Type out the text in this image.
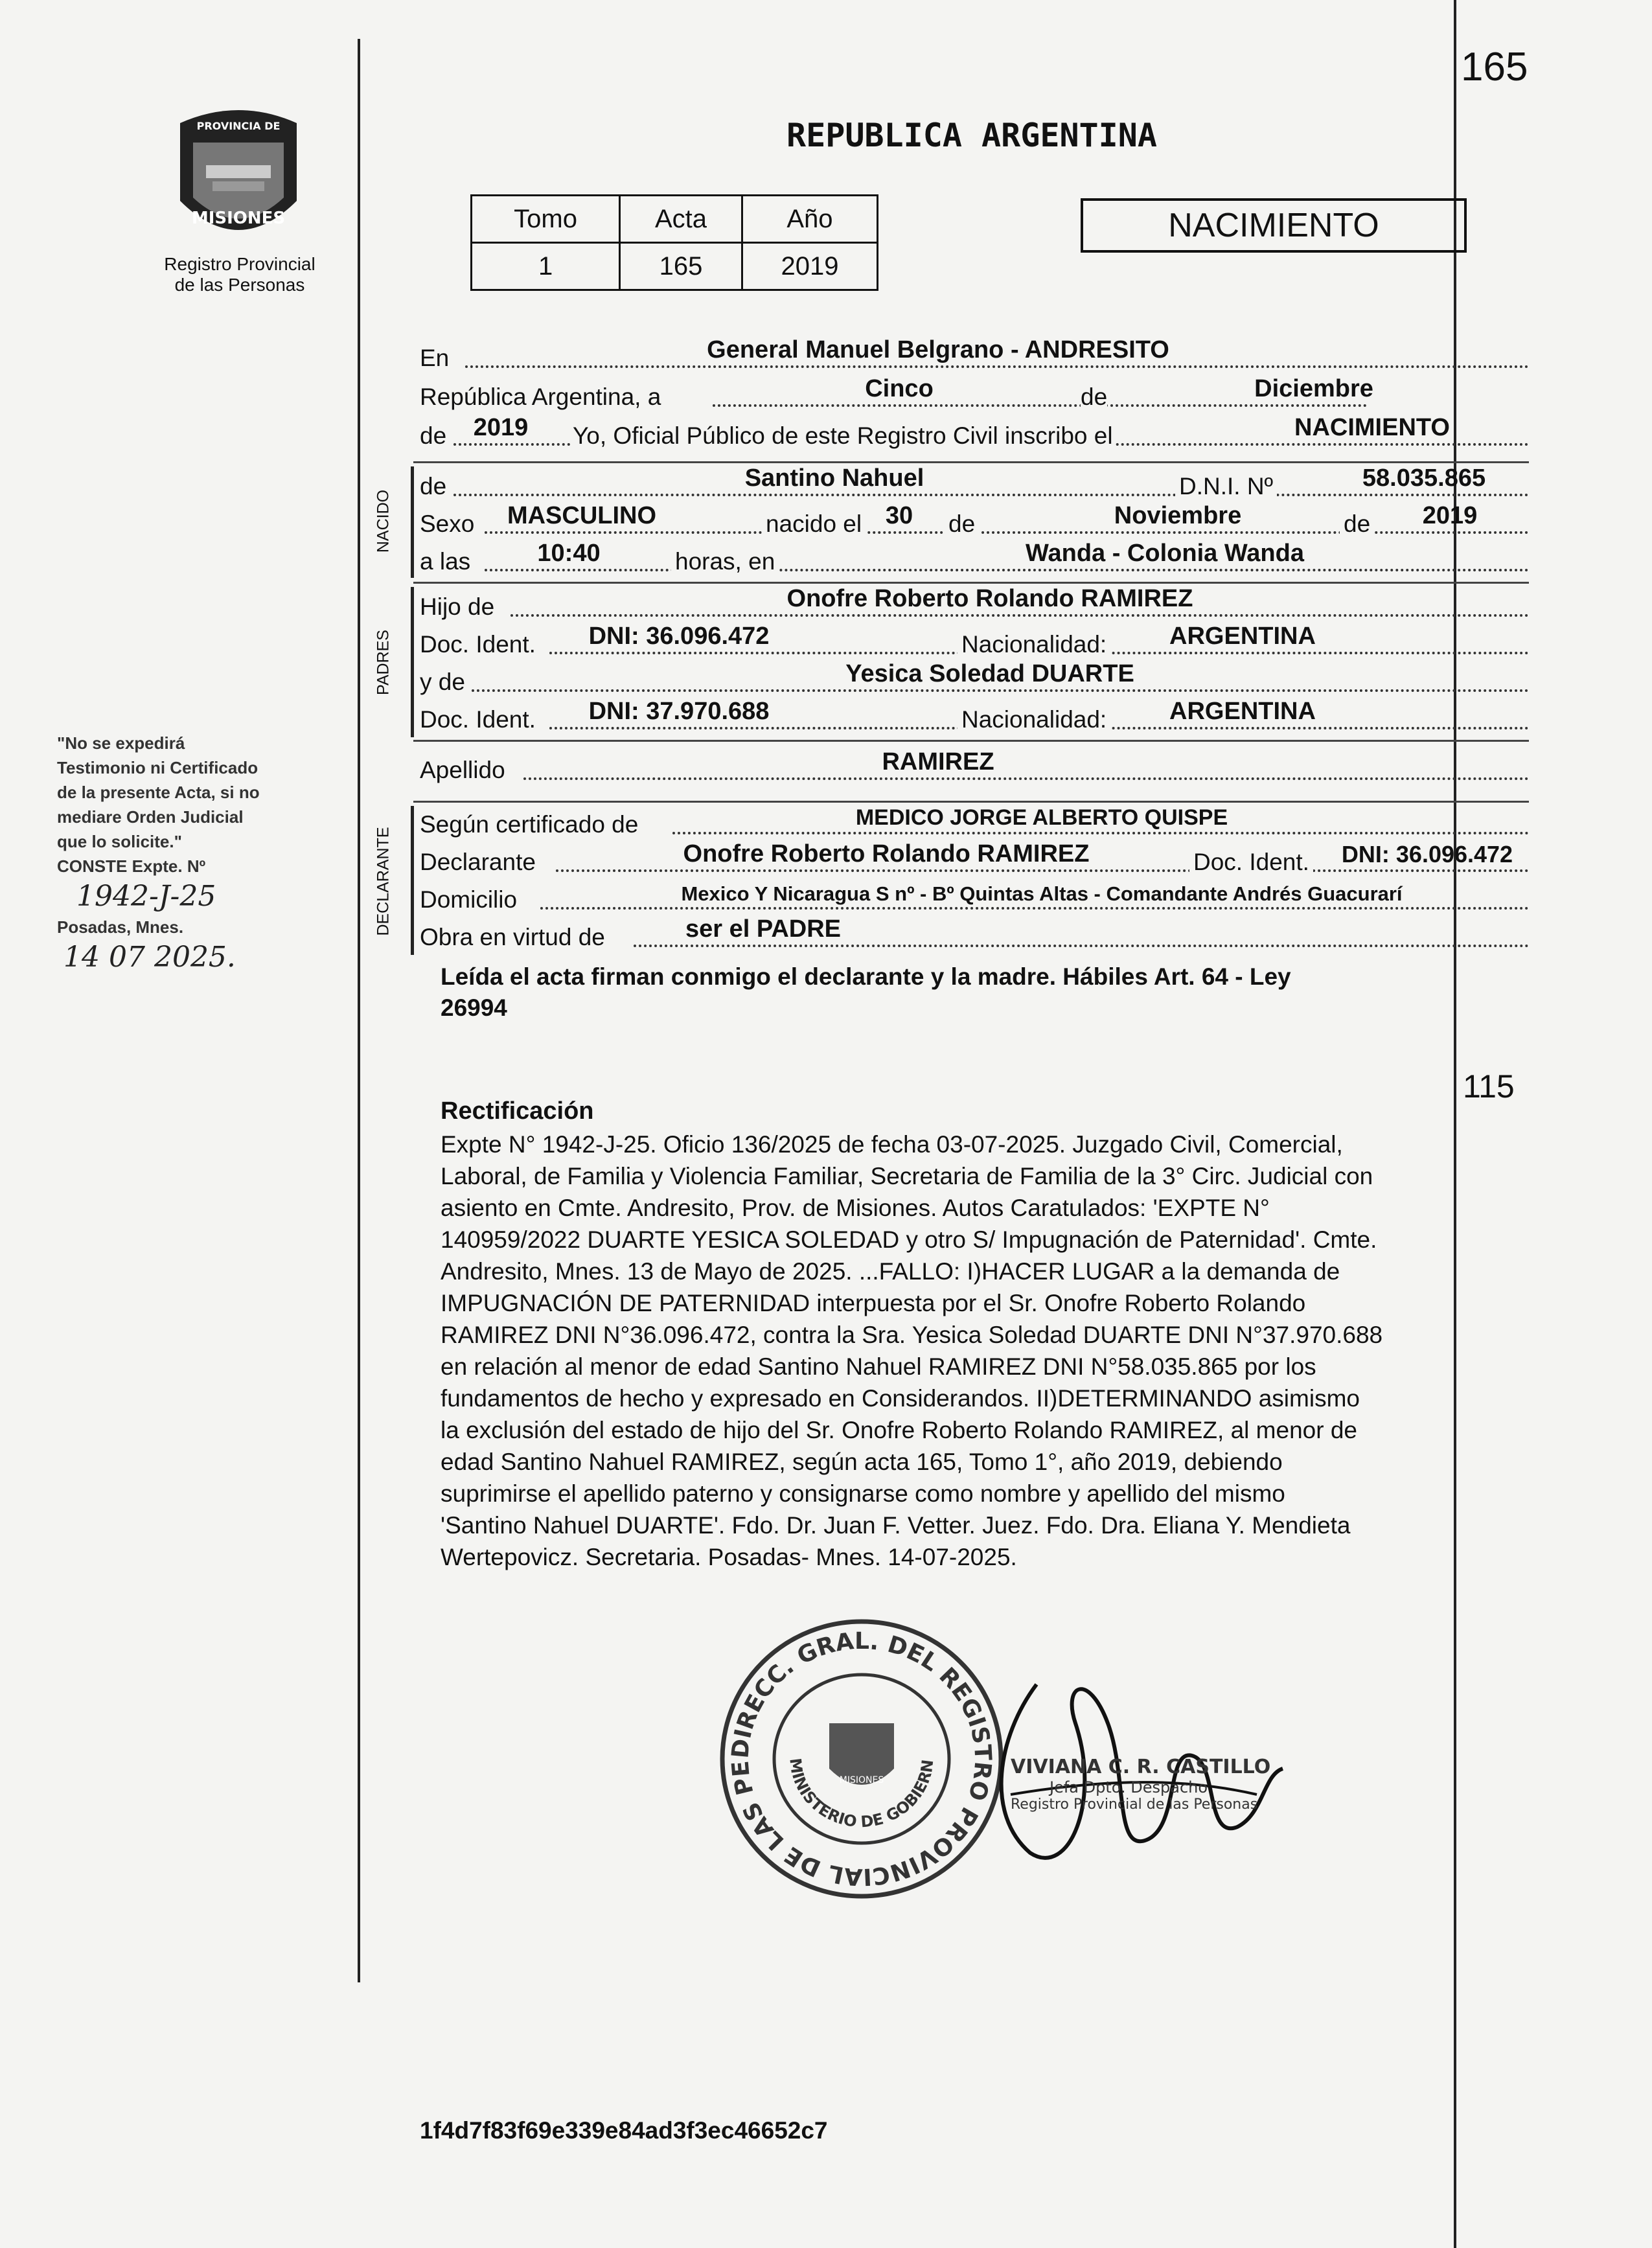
165
PROVINCIA DE
MISIONES
Registro Provincial
de las Personas
REPUBLICA ARGENTINA
Tomo	Acta	Año
1	165	2019
NACIMIENTO
En	General Manuel Belgrano - ANDRESITO
República Argentina, a	Cinco	de	Diciembre
de	2019	Yo, Oficial Público de este Registro Civil inscribo el	NACIMIENTO
NACIDO
de	Santino Nahuel	D.N.I. Nº	58.035.865
Sexo	MASCULINO	nacido el 30	de	Noviembre	de	2019
a las	10:40	horas, en	Wanda - Colonia Wanda
PADRES
Hijo de	Onofre Roberto Rolando RAMIREZ
Doc. Ident.	DNI: 36.096.472	Nacionalidad:	ARGENTINA
y de	Yesica Soledad DUARTE
Doc. Ident.	DNI: 37.970.688	Nacionalidad:	ARGENTINA
Apellido	RAMIREZ
DECLARANTE
Según certificado de	MEDICO JORGE ALBERTO QUISPE
Declarante	Onofre Roberto Rolando RAMIREZ	Doc. Ident.	DNI: 36.096.472
Domicilio	Mexico Y Nicaragua S nº - Bº Quintas Altas - Comandante Andrés Guacurarí
Obra en virtud de	ser el PADRE
Leída el acta firman conmigo el declarante y la madre. Hábiles Art. 64 - Ley
26994
115
Rectificación
Expte N° 1942-J-25. Oficio 136/2025 de fecha 03-07-2025. Juzgado Civil, Comercial,
Laboral, de Familia y Violencia Familiar, Secretaria de Familia de la 3° Circ. Judicial con
asiento en Cmte. Andresito, Prov. de Misiones. Autos Caratulados: 'EXPTE N°
140959/2022 DUARTE YESICA SOLEDAD y otro S/ Impugnación de Paternidad'. Cmte.
Andresito, Mnes. 13 de Mayo de 2025. ...FALLO: I)HACER LUGAR a la demanda de
IMPUGNACIÓN DE PATERNIDAD interpuesta por el Sr. Onofre Roberto Rolando
RAMIREZ DNI N°36.096.472, contra la Sra. Yesica Soledad DUARTE DNI N°37.970.688
en relación al menor de edad Santino Nahuel RAMIREZ DNI N°58.035.865 por los
fundamentos de hecho y expresado en Considerandos. II)DETERMINANDO asimismo
la exclusión del estado de hijo del Sr. Onofre Roberto Rolando RAMIREZ, al menor de
edad Santino Nahuel RAMIREZ, según acta 165, Tomo 1°, año 2019, debiendo
suprimirse el apellido paterno y consignarse como nombre y apellido del mismo
'Santino Nahuel DUARTE'. Fdo. Dr. Juan F. Vetter. Juez. Fdo. Dra. Eliana Y. Mendieta
Wertepovicz. Secretaria. Posadas- Mnes. 14-07-2025.
"No se expedirá
Testimonio ni Certificado
de la presente Acta, si no
mediare Orden Judicial
que lo solicite."
CONSTE Expte. Nº
1942-J-25
Posadas, Mnes.
14 07 2025.
DIRECC. GRAL. DEL REGISTRO PROVINCIAL DE LAS PE	MINISTERIO DE GOBIERN
MISIONES
VIVIANA C. R. CASTILLO
Jefa Dpto. Despacho
Registro Provincial de las Personas
1f4d7f83f69e339e84ad3f3ec46652c7
